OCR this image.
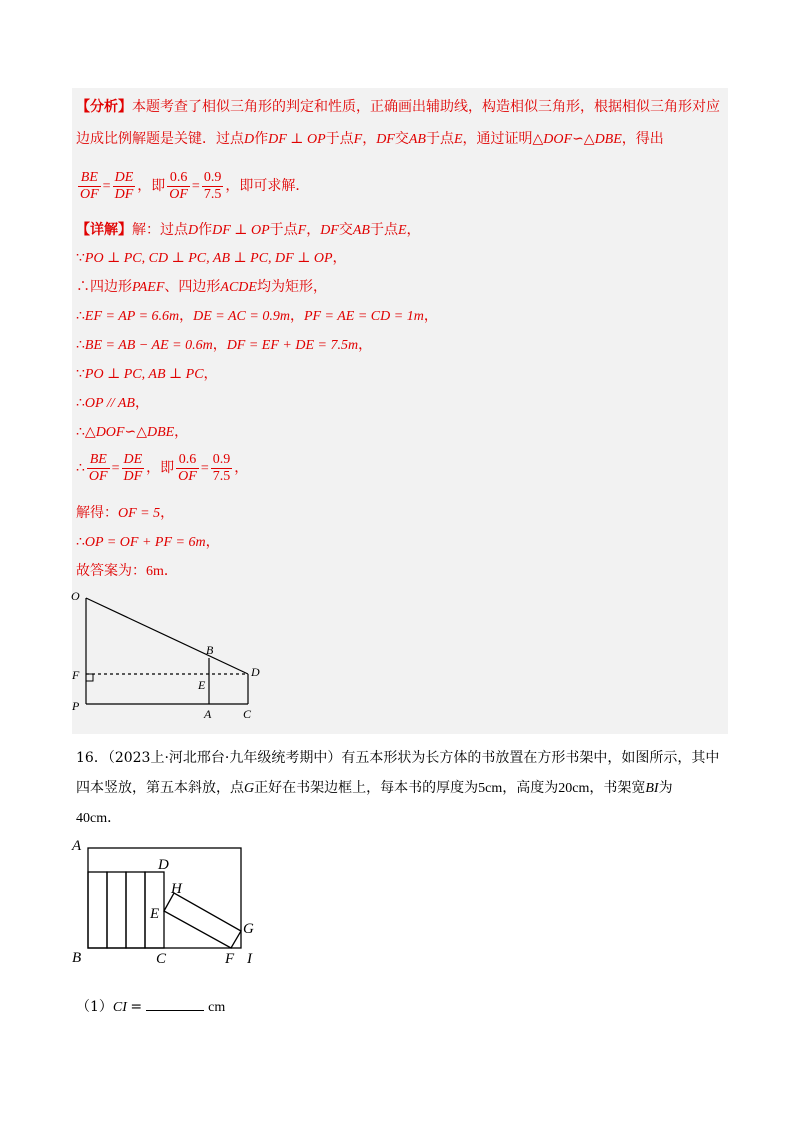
【分析】本题考查了相似三角形的判定和性质，正确画出辅助线，构造相似三角形，根据相似三角形对应
边成比例解题是关键．过点D作DF ⊥ OP于点F，DF交AB于点E，通过证明△DOF∽△DBE，得出
$\frac{BE}{OF} = \frac{DE}{DF}$ ，即 $\frac{0.6}{OF} = \frac{0.9}{7.5}$ ，即可求解．
【详解】解：过点D作DF ⊥ OP于点F，DF交AB于点E，
∵PO ⊥ PC, CD ⊥ PC, AB ⊥ PC, DF ⊥ OP，
∴四边形PAEF、四边形ACDE均为矩形，
∴EF = AP = 6.6m，DE = AC = 0.9m，PF = AE = CD = 1m，
∴BE = AB − AE = 0.6m，DF = EF + DE = 7.5m，
∵PO ⊥ PC, AB ⊥ PC，
∴OP // AB，
∴△DOF∽△DBE，
∴ $\frac{BE}{OF} = \frac{DE}{DF}$ ，即 $\frac{0.6}{OF} = \frac{0.9}{7.5}$ ，
解得：OF = 5，
∴OP = OF + PF = 6m，
故答案为：6m．
O
B
D
F
E
P
A	C
16．（2023上·河北邢台·九年级统考期中）有五本形状为长方体的书放置在方形书架中，如图所示，其中
四本竖放，第五本斜放，点G正好在书架边框上，每本书的厚度为5cm，高度为20cm，书架宽BI为
40cm．
A
D
H
E
G
B	C	F I
（1）CI =	cm
